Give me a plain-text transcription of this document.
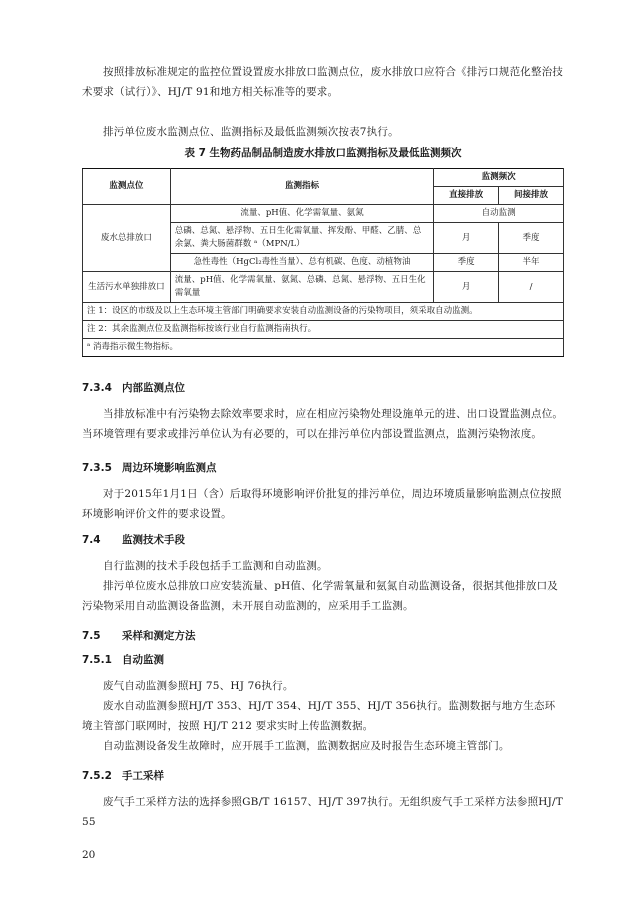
按照排放标准规定的监控位置设置废水排放口监测点位，废水排放口应符合《排污口规范化整治技术要求（试行）》、HJ/T 91和地方相关标准等的要求。

排污单位废水监测点位、监测指标及最低监测频次按表7执行。

表 7 生物药品制品制造废水排放口监测指标及最低监测频次
监测点位	监测指标	监测频次	
		直接排放	间接排放
废水总排放口	流量、pH值、化学需氧量、氨氮	自动监测	
	总磷、总氮、悬浮物、五日生化需氧量、挥发酚、甲醛、乙腈、总余氯、粪大肠菌群数 ᵃ（MPN/L）	月	季度
	急性毒性（HgCl₂毒性当量）、总有机碳、色度、动植物油	季度	半年
生活污水单独排放口	流量、pH值、化学需氧量、氨氮、总磷、总氮、悬浮物、五日生化需氧量	月	/
注 1：设区的市级及以上生态环境主管部门明确要求安装自动监测设备的污染物项目，须采取自动监测。			
注 2：其余监测点位及监测指标按该行业自行监测指南执行。			
ᵃ 消毒指示微生物指标。			
7.3.4 内部监测点位

当排放标准中有污染物去除效率要求时，应在相应污染物处理设施单元的进、出口设置监测点位。当环境管理有要求或排污单位认为有必要的，可以在排污单位内部设置监测点，监测污染物浓度。

7.3.5 周边环境影响监测点

对于2015年1月1日（含）后取得环境影响评价批复的排污单位，周边环境质量影响监测点位按照环境影响评价文件的要求设置。

7.4 监测技术手段

自行监测的技术手段包括手工监测和自动监测。

排污单位废水总排放口应安装流量、pH值、化学需氧量和氨氮自动监测设备，很据其他排放口及污染物采用自动监测设备监测，未开展自动监测的，应采用手工监测。

7.5 采样和测定方法
7.5.1 自动监测

废气自动监测参照HJ 75、HJ 76执行。

废水自动监测参照HJ/T 353、HJ/T 354、HJ/T 355、HJ/T 356执行。监测数据与地方生态环境主管部门联网时，按照 HJ/T 212 要求实时上传监测数据。

自动监测设备发生故障时，应开展手工监测，监测数据应及时报告生态环境主管部门。

7.5.2 手工采样

废气手工采样方法的选择参照GB/T 16157、HJ/T 397执行。无组织废气手工采样方法参照HJ/T 55

20
